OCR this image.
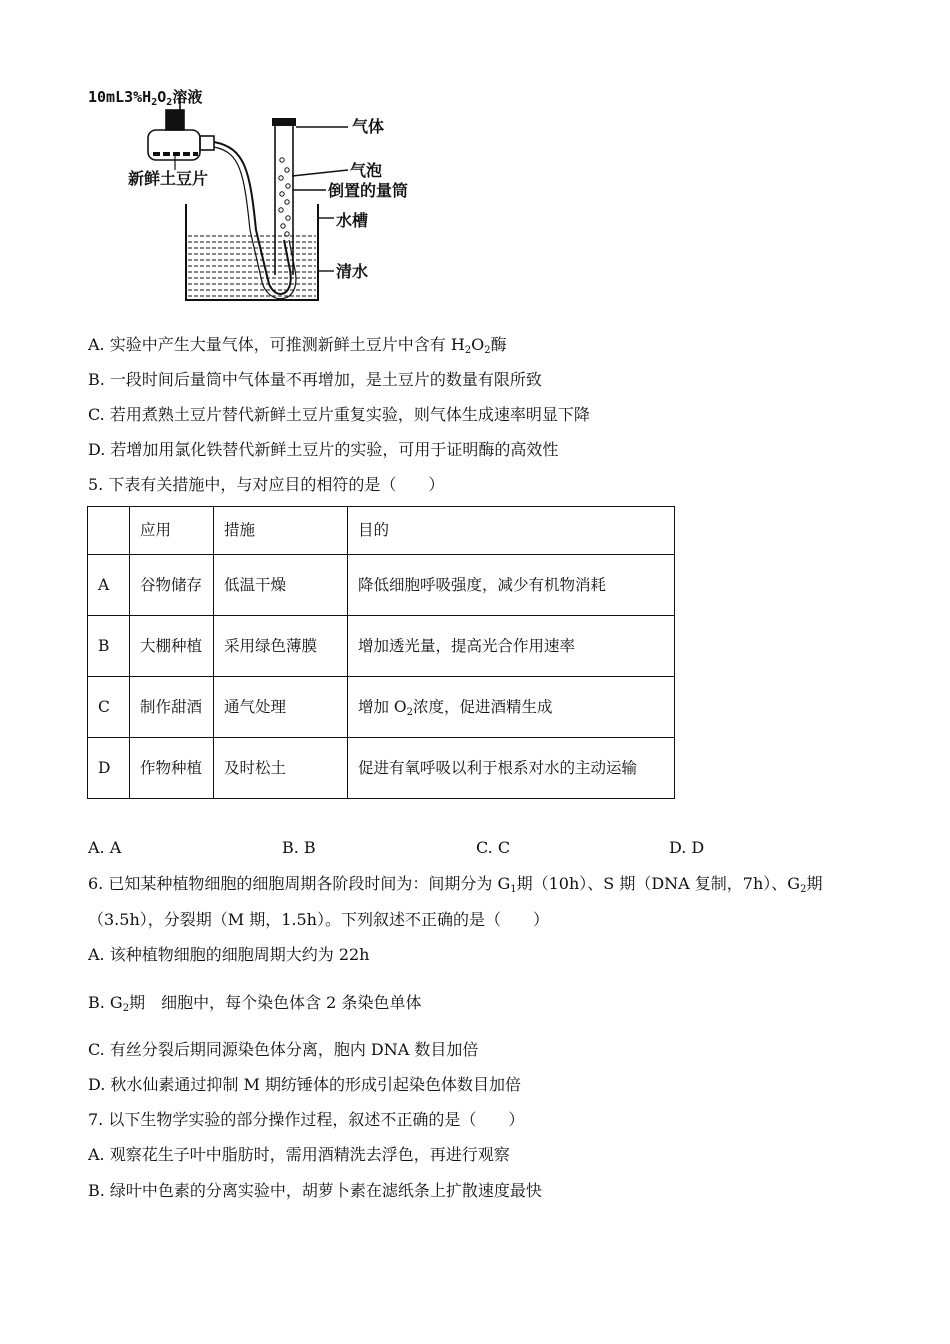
$10mL3\%H_2O_2$溶液
新鲜土豆片
气体
气泡
倒置的量筒
水槽
清水
A. 实验中产生大量气体，可推测新鲜土豆片中含有 $H_2O_2$酶
B. 一段时间后量筒中气体量不再增加，是土豆片的数量有限所致
C. 若用煮熟土豆片替代新鲜土豆片重复实验，则气体生成速率明显下降
D. 若增加用氯化铁替代新鲜土豆片的实验，可用于证明酶的高效性
5. 下表有关措施中，与对应目的相符的是（　　）
	应用	措施	目的
A	谷物储存	低温干燥	降低细胞呼吸强度，减少有机物消耗
B	大棚种植	采用绿色薄膜	增加透光量，提高光合作用速率
C	制作甜酒	通气处理	增加 $O_2$浓度，促进酒精生成
D	作物种植	及时松土	促进有氧呼吸以利于根系对水的主动运输
A. A	B. B	C. C	D. D
6. 已知某种植物细胞的细胞周期各阶段时间为：间期分为 $G_1$期（10h）、S 期（DNA 复制，7h）、$G_2$期
（3.5h），分裂期（M 期，1.5h）。下列叙述不正确的是（　　）
A. 该种植物细胞的细胞周期大约为 22h
B. $G_2$期　细胞中，每个染色体含 2 条染色单体
C. 有丝分裂后期同源染色体分离，胞内 DNA 数目加倍
D. 秋水仙素通过抑制 M 期纺锤体的形成引起染色体数目加倍
7. 以下生物学实验的部分操作过程，叙述不正确的是（　　）
A. 观察花生子叶中脂肪时，需用酒精洗去浮色，再进行观察
B. 绿叶中色素的分离实验中，胡萝卜素在滤纸条上扩散速度最快
